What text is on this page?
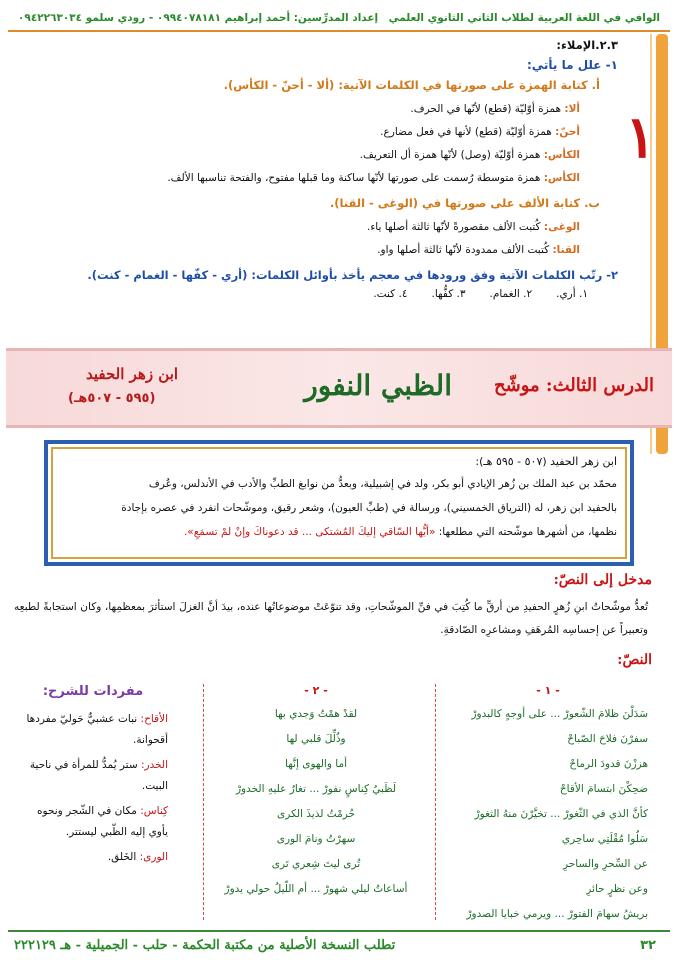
الوافي في اللغة العربية لطلاب الثاني الثانوي العلمي
إعداد المدرِّسين: أحمد إبراهيم ٠٩٩٤٠٧٨١٨١ - رودي سلمو ٠٩٤٢٢٦٣٠٣٤
١
٢.٣.الإملاء:
١- علل ما يأتي:
أ. كتابة الهمزة على صورتها في الكلمات الآتية: (ألا - أحنّ - الكأس).
ألا: همزة أوّليّة (قطع) لأنّها في الحرف.
أحنّ: همزة أوّليّة (قطع) لأنها في فعل مضارع.
الكأس: همزة أوّليّة (وصل) لأنّها همزة أل التعريف.
الكأس: همزة متوسطة رُسمت على صورتها لأنّها ساكنة وما قبلها مفتوح، والفتحة تناسبها الألف.
ب. كتابة الألف على صورتها في (الوغى - القنا).
الوغى: كُتبت الألف مقصورةً لأنّها ثالثة أصلها ياء.
القنا: كُتبت الألف ممدودة لأنّها ثالثة أصلها واو.
٢- رتّب الكلمات الآتية وفق ورودها في معجم يأخذ بأوائل الكلمات: (أري - كفّها - الغمام - كنت).
١. أري.
٢. الغمام.
٣. كفُّها.
٤. كنت.
الدرس الثالث: موشّح
الظبي النفور
ابن زهر الحفيد
(٥٩٥ - ٥٠٧هـ)
ابن زهر الحفيد (٥٠٧ - ٥٩٥ هـ):
محمّد بن عبد الملك بن زُهر الإيادي أبو بكر، ولد في إشبيلية، وبعدُّ من نوابغ الطبِّ والأدب في الأندلس، وعُرف
بالحفيد ابن زهر، له (الترياق الخمسيني)، ورسالة في (طبِّ العيون)، وشعر رقيق، وموشّحات انفرد في عصره بإجادة
نظمها، من أشهرها موشّحته التي مطلعها: «أيُّها السّاقي إليكَ المُشتكى ... قد دعوناكَ وإنْ لمْ تسمَعِ».
مدخل إلى النصّ:
تُعدُّ موشّحاتُ ابنِ زُهرٍ الحفيدِ من أرقِّ ما كُتِبَ في فنِّ الموشّحاتِ، وقد تنوّعَتْ موضوعاتُها عنده، بيدَ أنَّ الغزلَ استأثرَ بمعظمِها، وكان استجابةً لطبعِه وتعبيراً عن إحساسِه المُرهَفِ ومشاعرِه الصّادقةِ.
النصّ:
- ١ -
سَدَلْنَ ظلامَ الشّعورْ ... على أوجهٍ كالبدورْ
سفرْنَ فلاحَ الصّباحْ
هززْنَ قدودَ الرماحْ
ضحِكْنَ ابتسامَ الأقاحْ
كأنَّ الذي في الثّغورْ ... تخيَّرْنَ منهُ الثغورْ
سَلُوا مُقْلَتِي ساحِري
عن السِّحرِ والساحرِ
وعن نظرٍ حائرِ
بريشُ سهامَ الفتورْ ... ويرمي خبايا الصدورْ
- ٢ -
لقدْ همْتُ وَجدي بها
وذُلِّلَ قلبي لها
أما والهوى إنَّها
لَظَبيُ كِناسٍ نفورْ ... تغارُ عليهِ الخدورْ
حُرمْتُ لذيذَ الكرى
سهرْتُ ونامَ الورى
تُرى ليتَ شِعري تَرى
أساعاتُ ليلي شهورْ ... أم اللّيلُ حولي يدورْ
مفردات للشرح:
الأقاح: نبات عشبيٌّ حَوليّ مفردها أقحوانة.
الخدر: ستر يُمدُّ للمرأة في ناحية البيت.
كِناس: مكان في الشّجر ونحوه يأوي إليه الظّبي ليستتر.
الورى: الخَلق.
٣٢
تطلب النسخة الأصلية من مكتبة الحكمة - حلب - الجميلية - هـ ٢٢٢١٢٩
